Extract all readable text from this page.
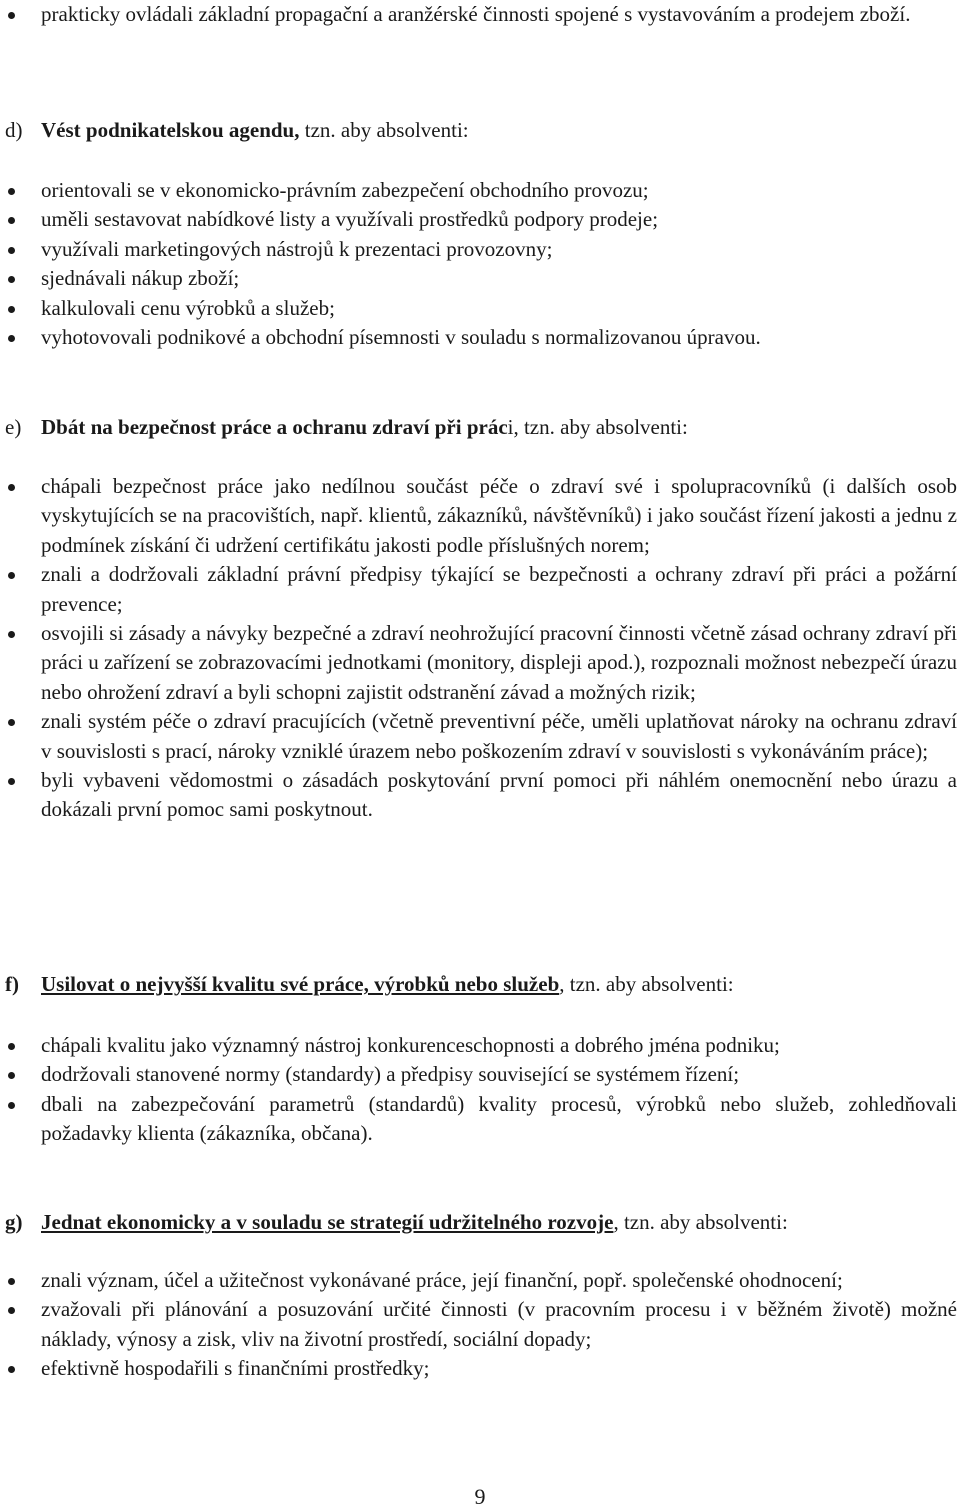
prakticky ovládali základní propagační a aranžérské činnosti spojené s vystavováním a prodejem zboží.
d) Vést podnikatelskou agendu, tzn. aby absolventi:
orientovali se v ekonomicko-právním zabezpečení obchodního provozu;
uměli sestavovat nabídkové listy a využívali prostředků podpory prodeje;
využívali marketingových nástrojů k prezentaci provozovny;
sjednávali nákup zboží;
kalkulovali cenu výrobků a služeb;
vyhotovovali podnikové a obchodní písemnosti v souladu s normalizovanou úpravou.
e) Dbát na bezpečnost práce a ochranu zdraví při práci, tzn. aby absolventi:
chápali bezpečnost práce jako nedílnou součást péče o zdraví své i spolupracovníků (i dalších osob vyskytujících se na pracovištích, např. klientů, zákazníků, návštěvníků) i jako součást řízení jakosti a jednu z podmínek získání či udržení certifikátu jakosti podle příslušných norem;
znali a dodržovali základní právní předpisy týkající se bezpečnosti a ochrany zdraví při práci a požární prevence;
osvojili si zásady a návyky bezpečné a zdraví neohrožující pracovní činnosti včetně zásad ochrany zdraví při práci u zařízení se zobrazovacími jednotkami (monitory, displeji apod.), rozpoznali možnost nebezpečí úrazu nebo ohrožení zdraví a byli schopni zajistit odstranění závad a možných rizik;
znali systém péče o zdraví pracujících (včetně preventivní péče, uměli uplatňovat nároky na ochranu zdraví v souvislosti s prací, nároky vzniklé úrazem nebo poškozením zdraví v souvislosti s vykonáváním práce);
byli vybaveni vědomostmi o zásadách poskytování první pomoci při náhlém onemocnění nebo úrazu a dokázali první pomoc sami poskytnout.
f) Usilovat o nejvyšší kvalitu své práce, výrobků nebo služeb, tzn. aby absolventi:
chápali kvalitu jako významný nástroj konkurenceschopnosti a dobrého jména podniku;
dodržovali stanovené normy (standardy) a předpisy související se systémem řízení;
dbali na zabezpečování parametrů (standardů) kvality procesů, výrobků nebo služeb, zohledňovali požadavky klienta (zákazníka, občana).
g) Jednat ekonomicky a v souladu se strategií udržitelného rozvoje, tzn. aby absolventi:
znali význam, účel a užitečnost vykonávané práce, její finanční, popř. společenské ohodnocení;
zvažovali při plánování a posuzování určité činnosti (v pracovním procesu i v běžném životě) možné náklady, výnosy a zisk, vliv na životní prostředí, sociální dopady;
efektivně hospodařili s finančními prostředky;
9
